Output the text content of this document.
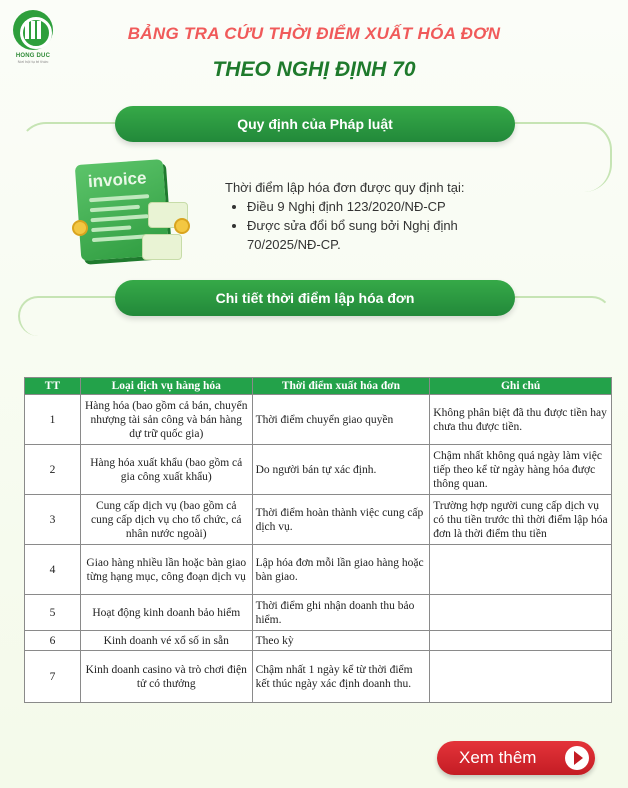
HONG DUC
Nơi hội tụ tri thức
BẢNG TRA CỨU THỜI ĐIỂM XUẤT HÓA ĐƠN
THEO NGHỊ ĐỊNH 70
Quy định của Pháp luật
invoice	Thời điểm lập hóa đơn được quy định tại:

• Điều 9 Nghị định 123/2020/NĐ-CP
• Được sửa đổi bổ sung bởi Nghị định 70/2025/NĐ-CP.
Chi tiết thời điểm lập hóa đơn
TT	Loại dịch vụ hàng hóa	Thời điểm xuất hóa đơn	Ghi chú
1	Hàng hóa (bao gồm cả bán, chuyển nhượng tài sản công và bán hàng dự trữ quốc gia)	Thời điểm chuyển giao quyền	Không phân biệt đã thu được tiền hay chưa thu được tiền.
2	Hàng hóa xuất khẩu (bao gồm cả gia công xuất khẩu)	Do người bán tự xác định.	Chậm nhất không quá ngày làm việc tiếp theo kể từ ngày hàng hóa được thông quan.
3	Cung cấp dịch vụ (bao gồm cả cung cấp dịch vụ cho tổ chức, cá nhân nước ngoài)	Thời điểm hoàn thành việc cung cấp dịch vụ.	Trường hợp người cung cấp dịch vụ có thu tiền trước thì thời điểm lập hóa đơn là thời điểm thu tiền
4	Giao hàng nhiều lần hoặc bàn giao từng hạng mục, công đoạn dịch vụ	Lập hóa đơn mỗi lần giao hàng hoặc bàn giao.	
5	Hoạt động kinh doanh bảo hiểm	Thời điểm ghi nhận doanh thu bảo hiểm.	
6	Kinh doanh vé xổ số in sẵn	Theo kỳ	
7	Kinh doanh casino và trò chơi điện tử có thưởng	Chậm nhất 1 ngày kể từ thời điểm kết thúc ngày xác định doanh thu.	
Xem thêm
